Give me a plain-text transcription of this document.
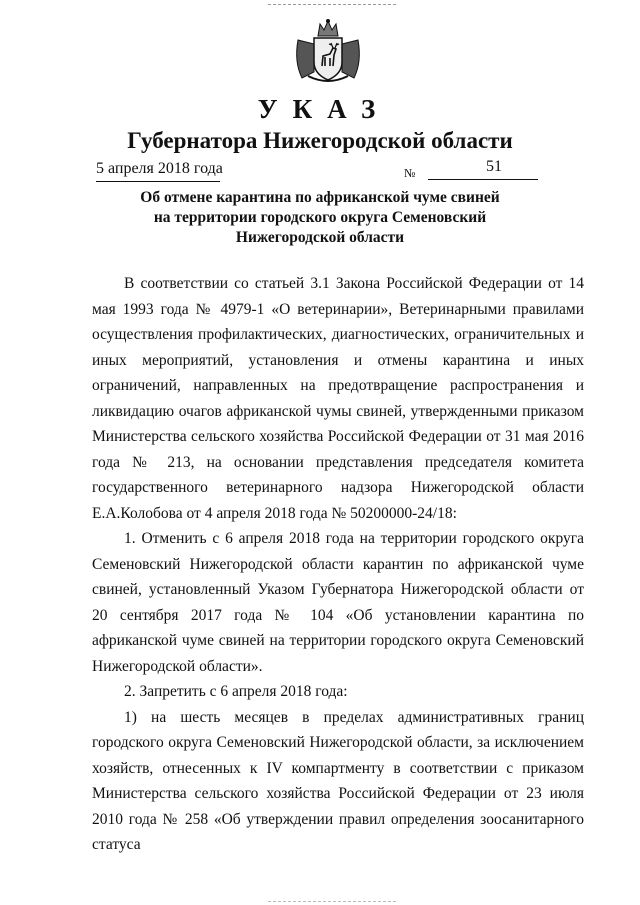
УКАЗ
Губернатора Нижегородской области
5 апреля 2018 года	№	51
Об отмене карантина по африканской чуме свиней
на территории городского округа Семеновский
Нижегородской области

В соответствии со статьей 3.1 Закона Российской Федерации от 14 мая 1993 года № 4979-1 «О ветеринарии», Ветеринарными правилами осуществления профилактических, диагностических, ограничительных и иных мероприятий, установления и отмены карантина и иных ограничений, направленных на предотвращение распространения и ликвидацию очагов африканской чумы свиней, утвержденными приказом Министерства сельского хозяйства Российской Федерации от 31 мая 2016 года № 213, на основании представления председателя комитета государственного ветеринарного надзора Нижегородской области Е.А.Колобова от 4 апреля 2018 года № 50200000-24/18:

1. Отменить с 6 апреля 2018 года на территории городского округа Семеновский Нижегородской области карантин по африканской чуме свиней, установленный Указом Губернатора Нижегородской области от 20 сентября 2017 года № 104 «Об установлении карантина по африканской чуме свиней на территории городского округа Семеновский Нижегородской области».

2. Запретить с 6 апреля 2018 года:

1) на шесть месяцев в пределах административных границ городского округа Семеновский Нижегородской области, за исключением хозяйств, отнесенных к IV компартменту в соответствии с приказом Министерства сельского хозяйства Российской Федерации от 23 июля 2010 года № 258 «Об утверждении правил определения зоосанитарного статуса
